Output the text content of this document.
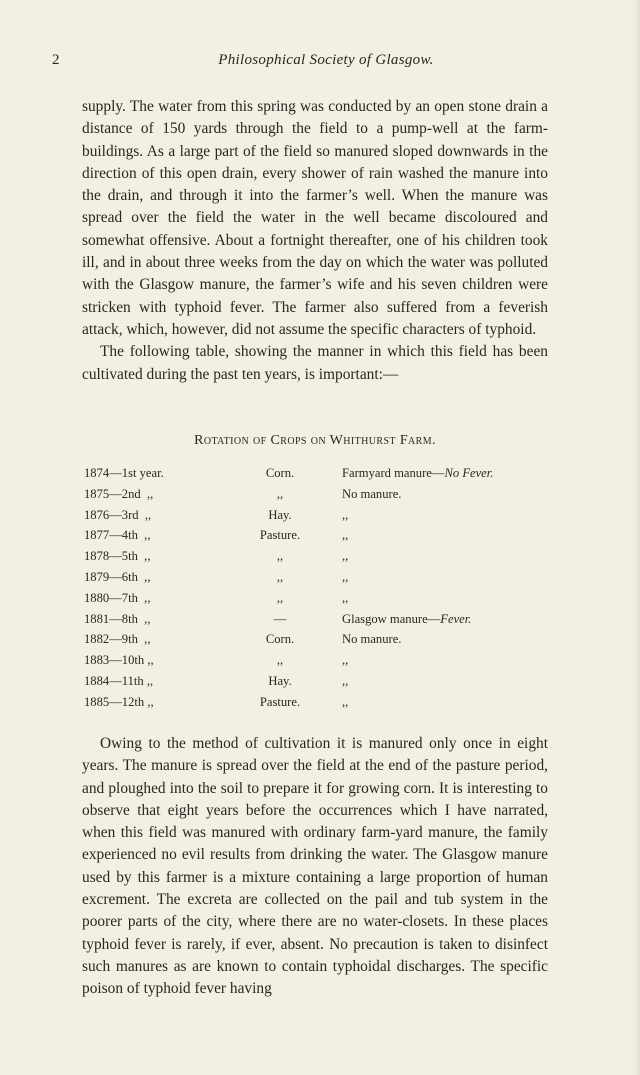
2	Philosophical Society of Glasgow.

supply. The water from this spring was conducted by an open stone drain a distance of 150 yards through the field to a pump-well at the farm-buildings. As a large part of the field so manured sloped downwards in the direction of this open drain, every shower of rain washed the manure into the drain, and through it into the farmer’s well. When the manure was spread over the field the water in the well became discoloured and somewhat offensive. About a fortnight thereafter, one of his children took ill, and in about three weeks from the day on which the water was polluted with the Glasgow manure, the farmer’s wife and his seven children were stricken with typhoid fever. The farmer also suffered from a feverish attack, which, however, did not assume the specific characters of typhoid.

The following table, showing the manner in which this field has been cultivated during the past ten years, is important:—

Rotation of Crops on Whithurst Farm.
1874—1st year.	Corn.	Farmyard manure—No Fever.
1875—2nd  ,,	,,	No manure.
1876—3rd  ,,	Hay.	,,
1877—4th  ,,	Pasture.	,,
1878—5th  ,,	,,	,,
1879—6th  ,,	,,	,,
1880—7th  ,,	,,	,,
1881—8th  ,,	—	Glasgow manure—Fever.
1882—9th  ,,	Corn.	No manure.
1883—10th ,,	,,	,,
1884—11th ,,	Hay.	,,
1885—12th ,,	Pasture.	,,

Owing to the method of cultivation it is manured only once in eight years. The manure is spread over the field at the end of the pasture period, and ploughed into the soil to prepare it for growing corn. It is interesting to observe that eight years before the occurrences which I have narrated, when this field was manured with ordinary farm-yard manure, the family experienced no evil results from drinking the water. The Glasgow manure used by this farmer is a mixture containing a large proportion of human excrement. The excreta are collected on the pail and tub system in the poorer parts of the city, where there are no water-closets. In these places typhoid fever is rarely, if ever, absent. No precaution is taken to disinfect such manures as are known to contain typhoidal discharges. The specific poison of typhoid fever having
